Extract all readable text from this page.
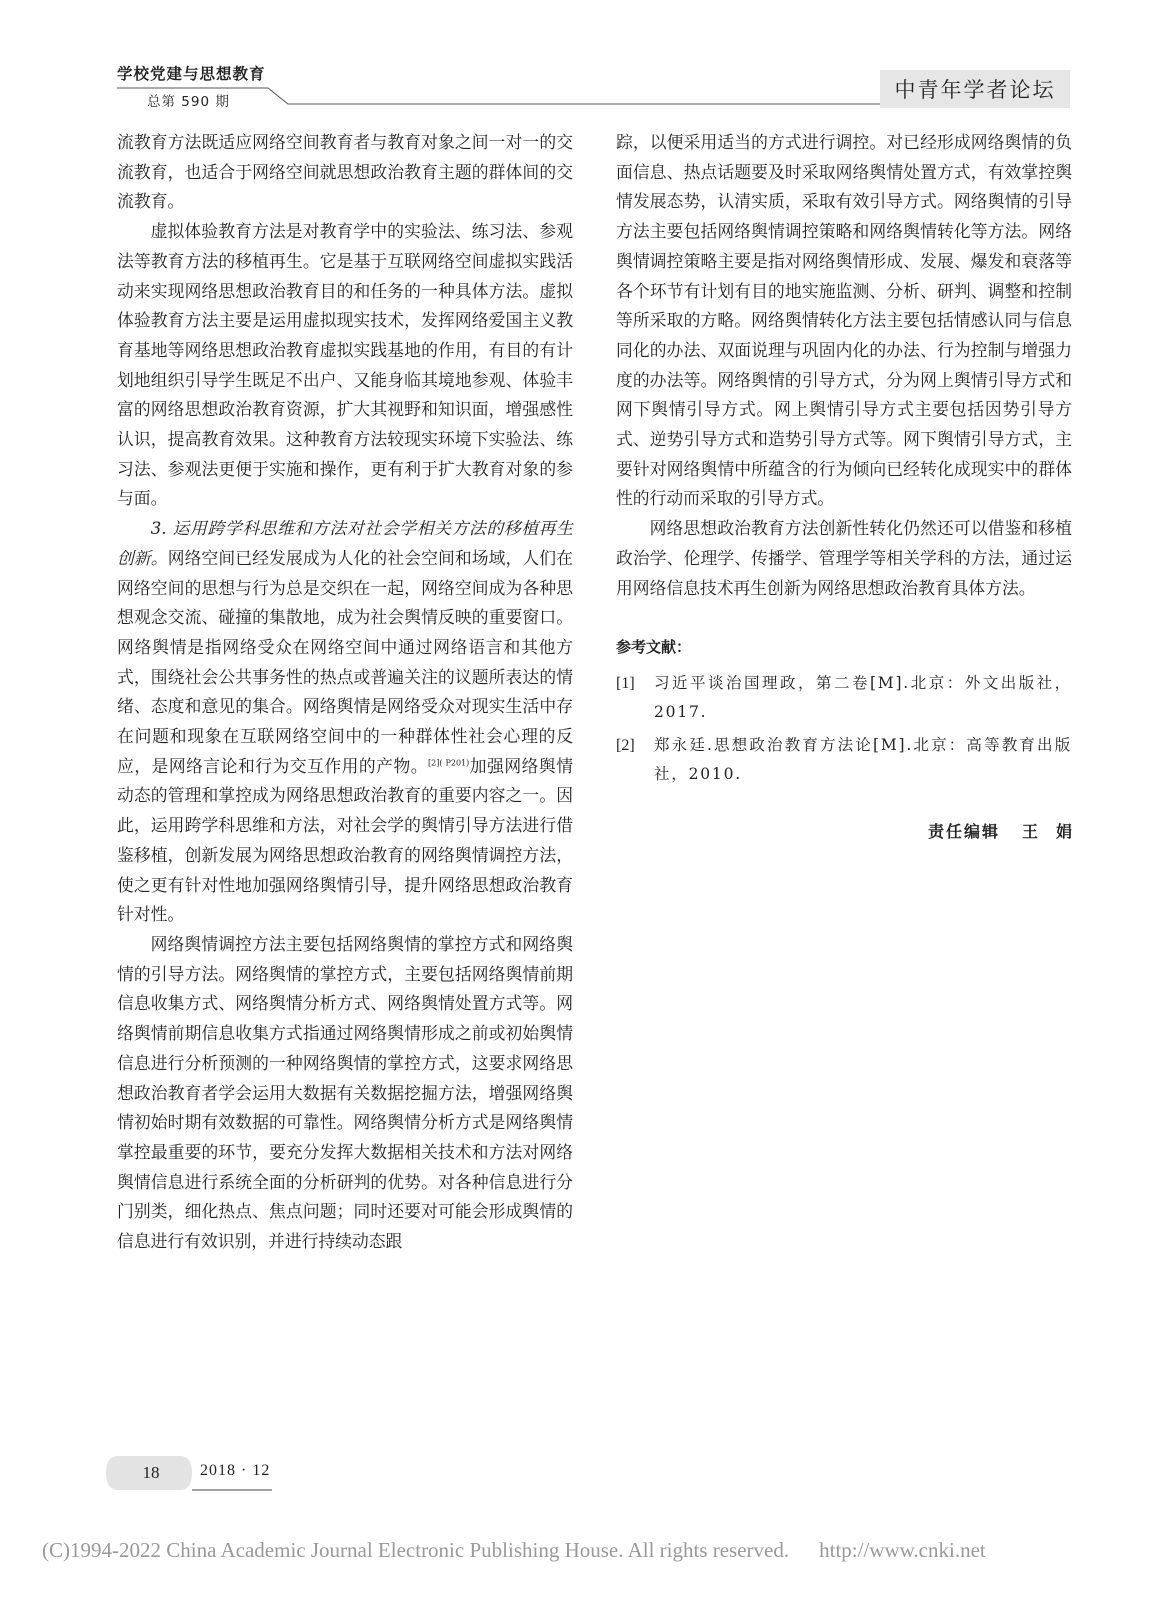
学校党建与思想教育
总第 590 期	中青年学者论坛

流教育方法既适应网络空间教育者与教育对象之间一对一的交流教育，也适合于网络空间就思想政治教育主题的群体间的交流教育。

虚拟体验教育方法是对教育学中的实验法、练习法、参观法等教育方法的移植再生。它是基于互联网络空间虚拟实践活动来实现网络思想政治教育目的和任务的一种具体方法。虚拟体验教育方法主要是运用虚拟现实技术，发挥网络爱国主义教育基地等网络思想政治教育虚拟实践基地的作用，有目的有计划地组织引导学生既足不出户、又能身临其境地参观、体验丰富的网络思想政治教育资源，扩大其视野和知识面，增强感性认识，提高教育效果。这种教育方法较现实环境下实验法、练习法、参观法更便于实施和操作，更有利于扩大教育对象的参与面。

3. 运用跨学科思维和方法对社会学相关方法的移植再生创新。网络空间已经发展成为人化的社会空间和场域，人们在网络空间的思想与行为总是交织在一起，网络空间成为各种思想观念交流、碰撞的集散地，成为社会舆情反映的重要窗口。网络舆情是指网络受众在网络空间中通过网络语言和其他方式，围绕社会公共事务性的热点或普遍关注的议题所表达的情绪、态度和意见的集合。网络舆情是网络受众对现实生活中存在问题和现象在互联网络空间中的一种群体性社会心理的反应，是网络言论和行为交互作用的产物。$^{[2]( P201)}$加强网络舆情动态的管理和掌控成为网络思想政治教育的重要内容之一。因此，运用跨学科思维和方法，对社会学的舆情引导方法进行借鉴移植，创新发展为网络思想政治教育的网络舆情调控方法，使之更有针对性地加强网络舆情引导，提升网络思想政治教育针对性。

网络舆情调控方法主要包括网络舆情的掌控方式和网络舆情的引导方法。网络舆情的掌控方式，主要包括网络舆情前期信息收集方式、网络舆情分析方式、网络舆情处置方式等。网络舆情前期信息收集方式指通过网络舆情形成之前或初始舆情信息进行分析预测的一种网络舆情的掌控方式，这要求网络思想政治教育者学会运用大数据有关数据挖掘方法，增强网络舆情初始时期有效数据的可靠性。网络舆情分析方式是网络舆情掌控最重要的环节，要充分发挥大数据相关技术和方法对网络舆情信息进行系统全面的分析研判的优势。对各种信息进行分门别类，细化热点、焦点问题；同时还要对可能会形成舆情的信息进行有效识别，并进行持续动态跟

踪，以便采用适当的方式进行调控。对已经形成网络舆情的负面信息、热点话题要及时采取网络舆情处置方式，有效掌控舆情发展态势，认清实质，采取有效引导方式。网络舆情的引导方法主要包括网络舆情调控策略和网络舆情转化等方法。网络舆情调控策略主要是指对网络舆情形成、发展、爆发和衰落等各个环节有计划有目的地实施监测、分析、研判、调整和控制等所采取的方略。网络舆情转化方法主要包括情感认同与信息同化的办法、双面说理与巩固内化的办法、行为控制与增强力度的办法等。网络舆情的引导方式，分为网上舆情引导方式和网下舆情引导方式。网上舆情引导方式主要包括因势引导方式、逆势引导方式和造势引导方式等。网下舆情引导方式，主要针对网络舆情中所蕴含的行为倾向已经转化成现实中的群体性的行动而采取的引导方式。

网络思想政治教育方法创新性转化仍然还可以借鉴和移植政治学、伦理学、传播学、管理学等相关学科的方法，通过运用网络信息技术再生创新为网络思想政治教育具体方法。

参考文献：

[1]	习近平谈治国理政，第二卷[M].北京：外文出版社，2017.
[2]	郑永廷.思想政治教育方法论[M].北京：高等教育出版社，2010.
责任编辑 王娟
18	2018 · 12
(C)1994-2022 China Academic Journal Electronic Publishing House. All rights reserved. http://www.cnki.net
